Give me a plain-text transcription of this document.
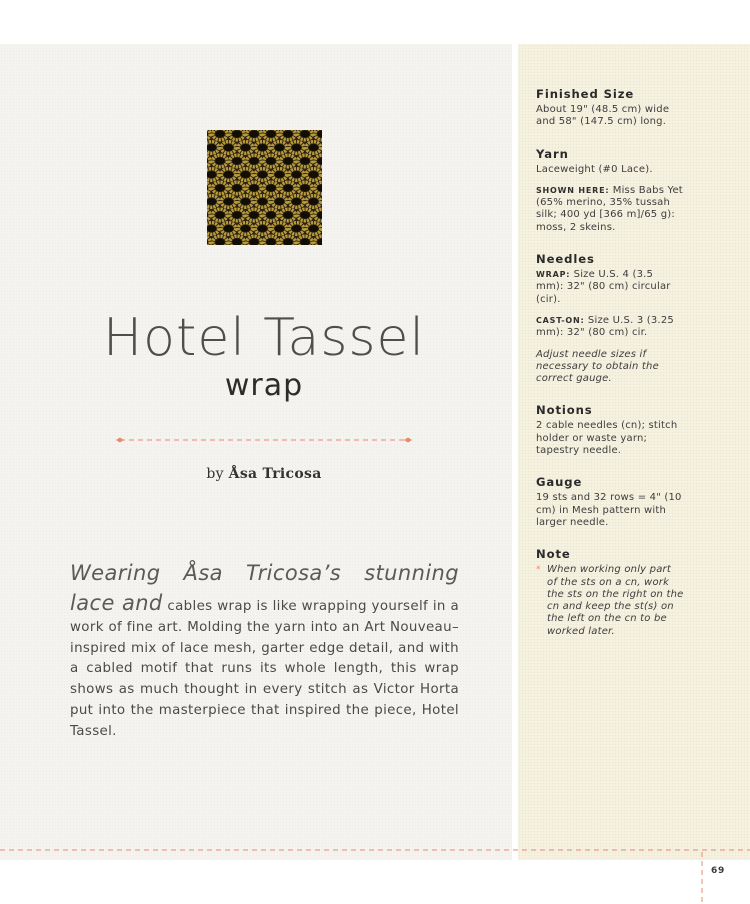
Hotel Tassel
wrap
by Åsa Tricosa
Wearing Åsa Tricosa’s stunning lace and cables wrap is like wrapping yourself in a work of fine art. Molding the yarn into an Art Nouveau–inspired mix of lace mesh, garter edge detail, and with a cabled motif that runs its whole length, this wrap shows as much thought in every stitch as Victor Horta put into the masterpiece that inspired the piece, Hotel Tassel.

Finished Size

About 19" (48.5 cm) wide and 58" (147.5 cm) long.

Yarn

Laceweight (#0 Lace).

SHOWN HERE: Miss Babs Yet (65% merino, 35% tussah silk; 400 yd [366 m]/65 g): moss, 2 skeins.

Needles

WRAP: Size U.S. 4 (3.5 mm): 32" (80 cm) circular (cir).

CAST-ON: Size U.S. 3 (3.25 mm): 32" (80 cm) cir.

Adjust needle sizes if necessary to obtain the correct gauge.

Notions

2 cable needles (cn); stitch holder or waste yarn; tapestry needle.

Gauge

19 sts and 32 rows = 4" (10 cm) in Mesh pattern with larger needle.

Note

* When working only part of the sts on a cn, work the sts on the right on the cn and keep the st(s) on the left on the cn to be worked later.
69
